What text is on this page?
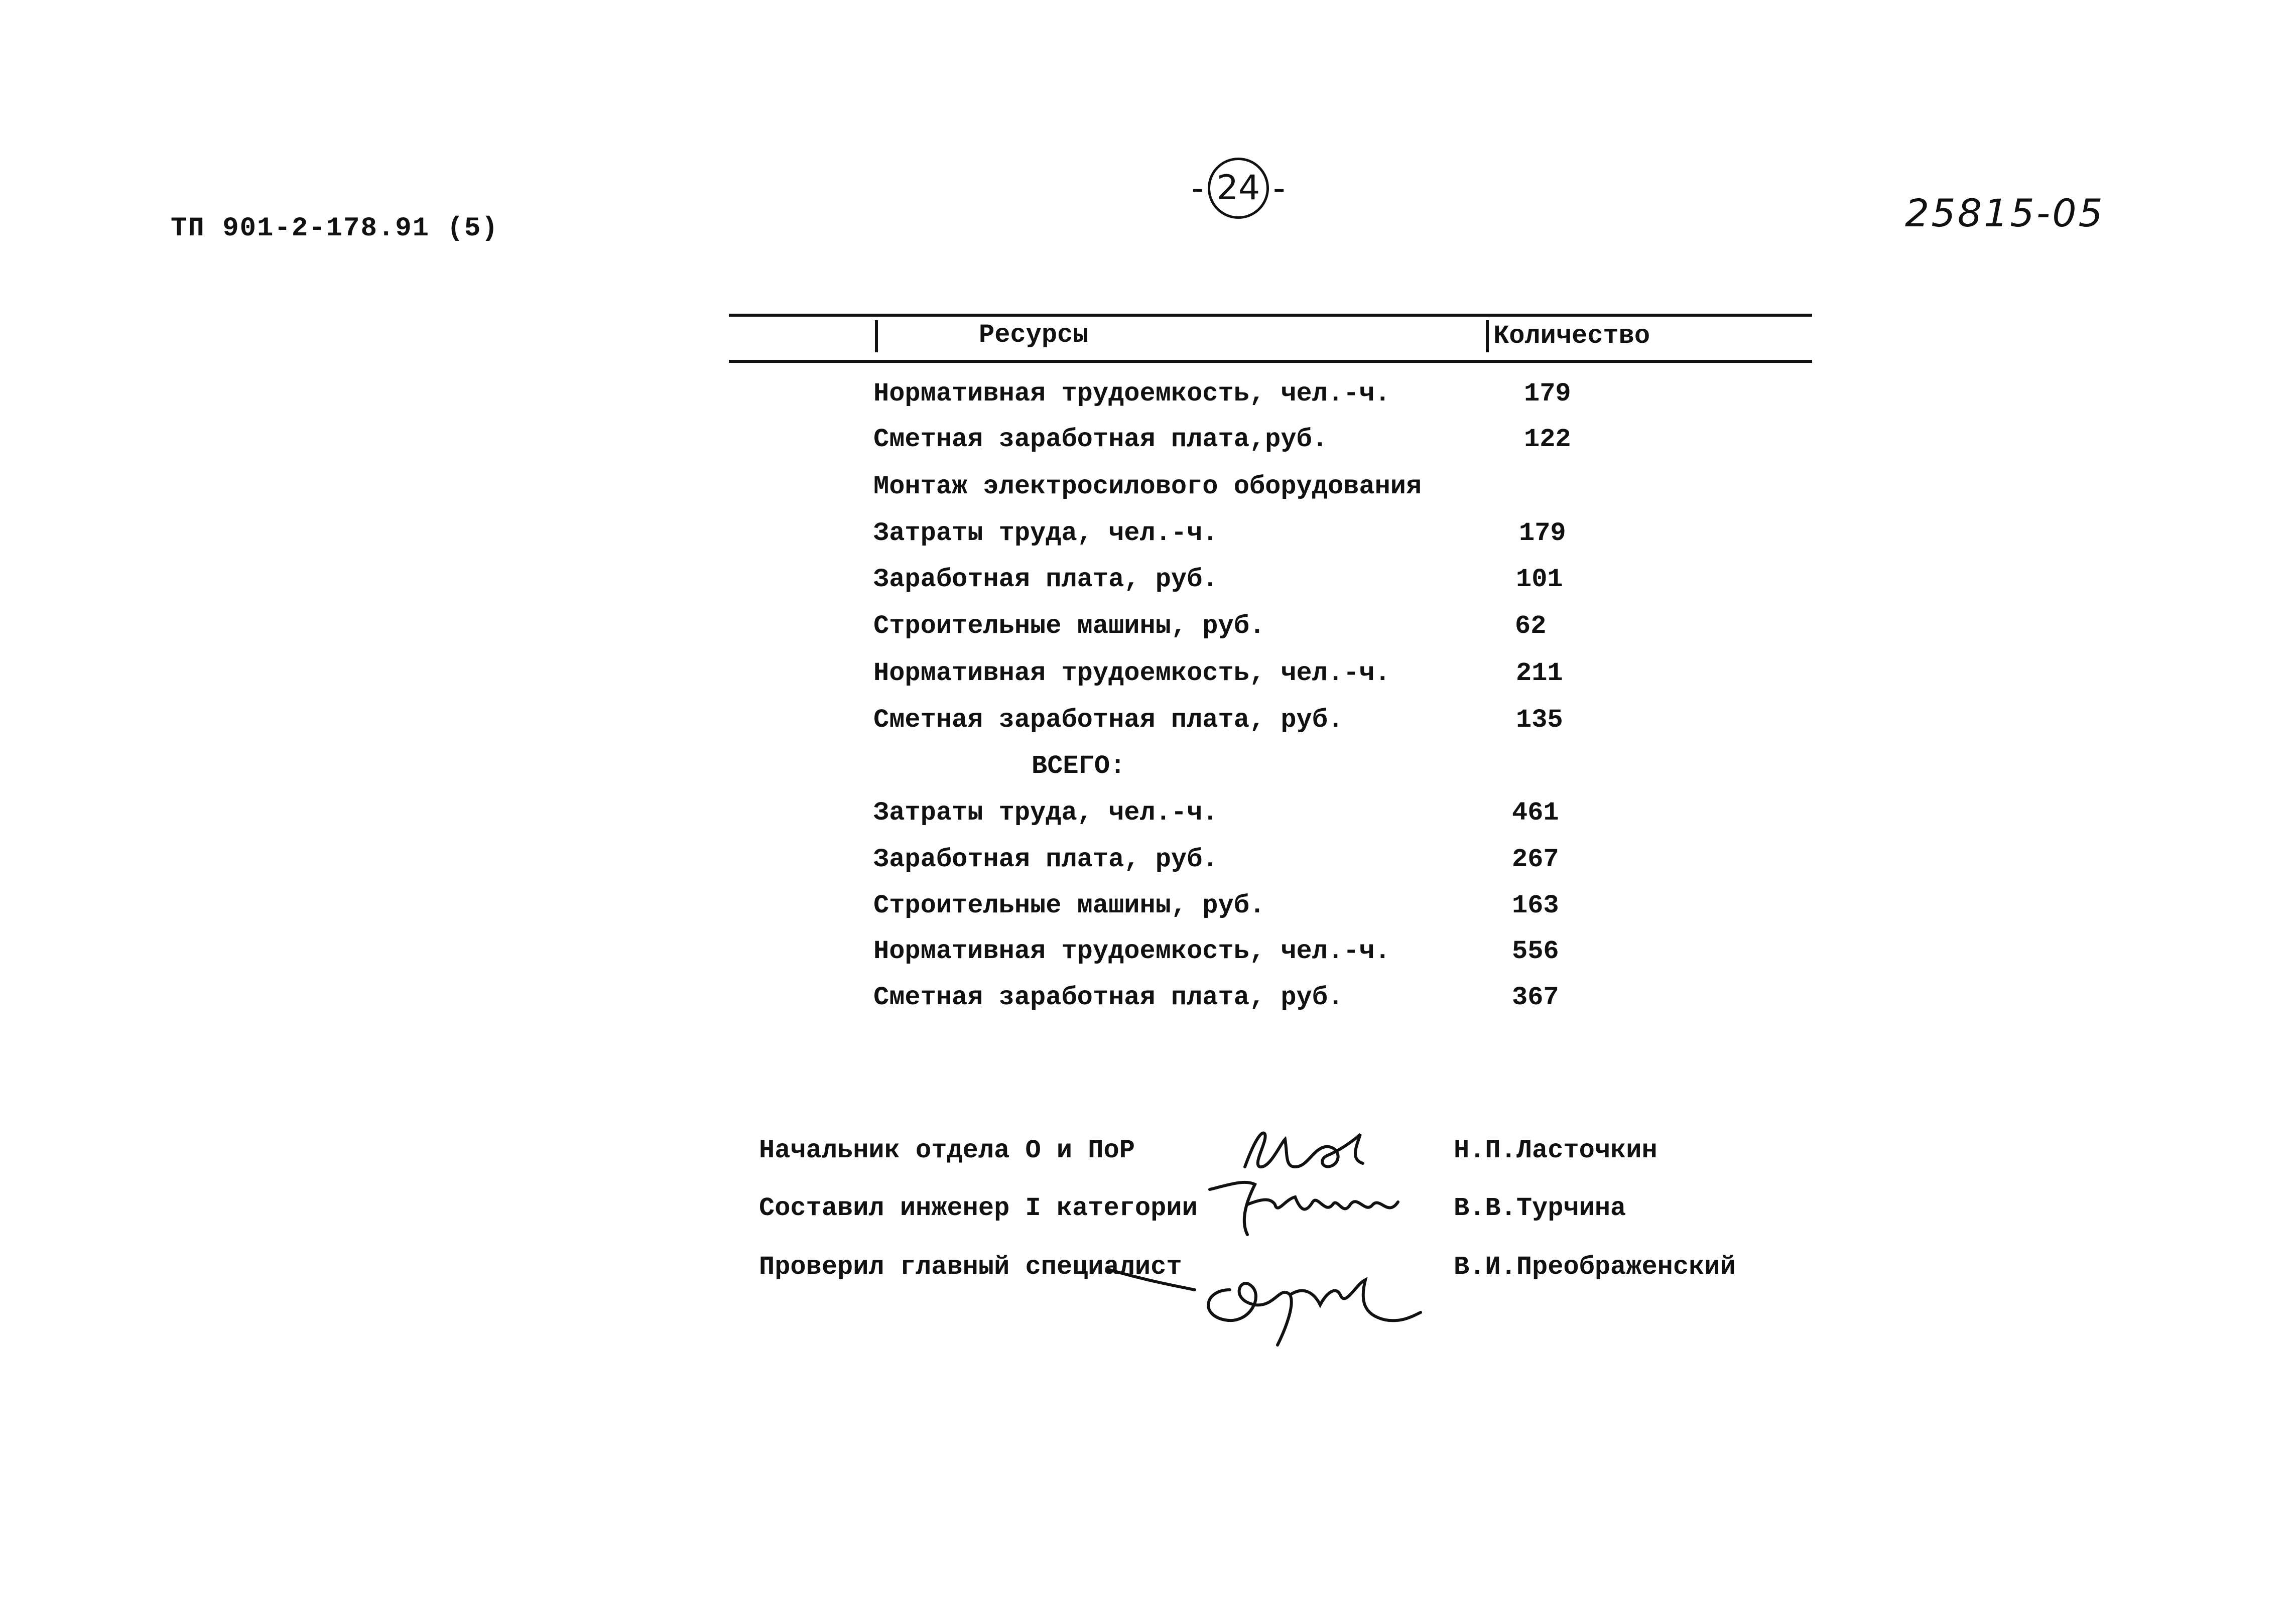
ТП 901-2-178.91 (5)
- 24 -
25815-05
Ресурсы	Количество
Нормативная трудоемкость, чел.-ч.	179
Сметная заработная плата,руб.	122
Монтаж электросилового оборудования
Затраты труда, чел.-ч.	179
Заработная плата, руб.	101
Строительные машины, руб.	62
Нормативная трудоемкость, чел.-ч.	211
Сметная заработная плата, руб.	135
ВСЕГО:
Затраты труда, чел.-ч.	461
Заработная плата, руб.	267
Строительные машины, руб.	163
Нормативная трудоемкость, чел.-ч.	556
Сметная заработная плата, руб.	367
Начальник отдела О и ПоР
Составил инженер I категории
Проверил главный специалист
Н.П.Ласточкин
В.В.Турчина
В.И.Преображенский
